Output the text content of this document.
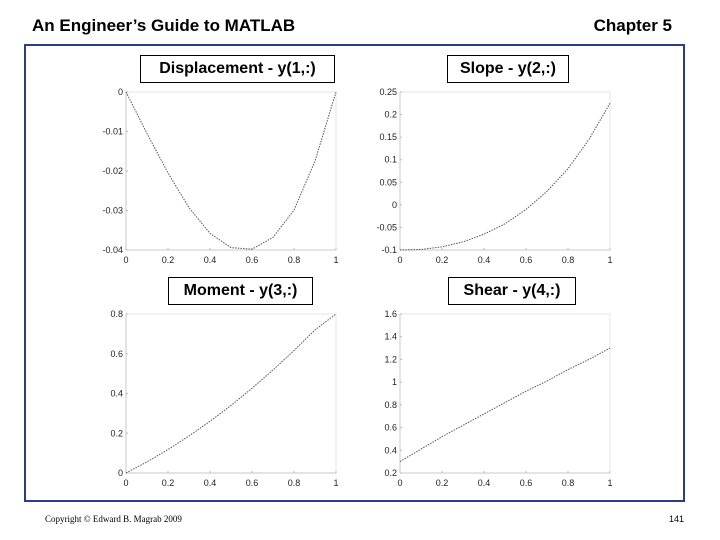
An Engineer’s Guide to MATLAB	Chapter 5
0	0.2	0.4	0.6	0.8	1
0
-0.01
-0.02
-0.03
-0.04
0	0.2	0.4	0.6	0.8	1
0.25
0.2
0.15
0.1
0.05
0
-0.05
-0.1
0	0.2	0.4	0.6	0.8	1
0.8
0.6
0.4
0.2
0
0	0.2	0.4	0.6	0.8	1
1.6
1.4
1.2
1
0.8
0.6
0.4
0.2
Displacement - y(1,:)	Slope - y(2,:)
Moment - y(3,:)	Shear - y(4,:)
Copyright © Edward B. Magrab 2009	141
